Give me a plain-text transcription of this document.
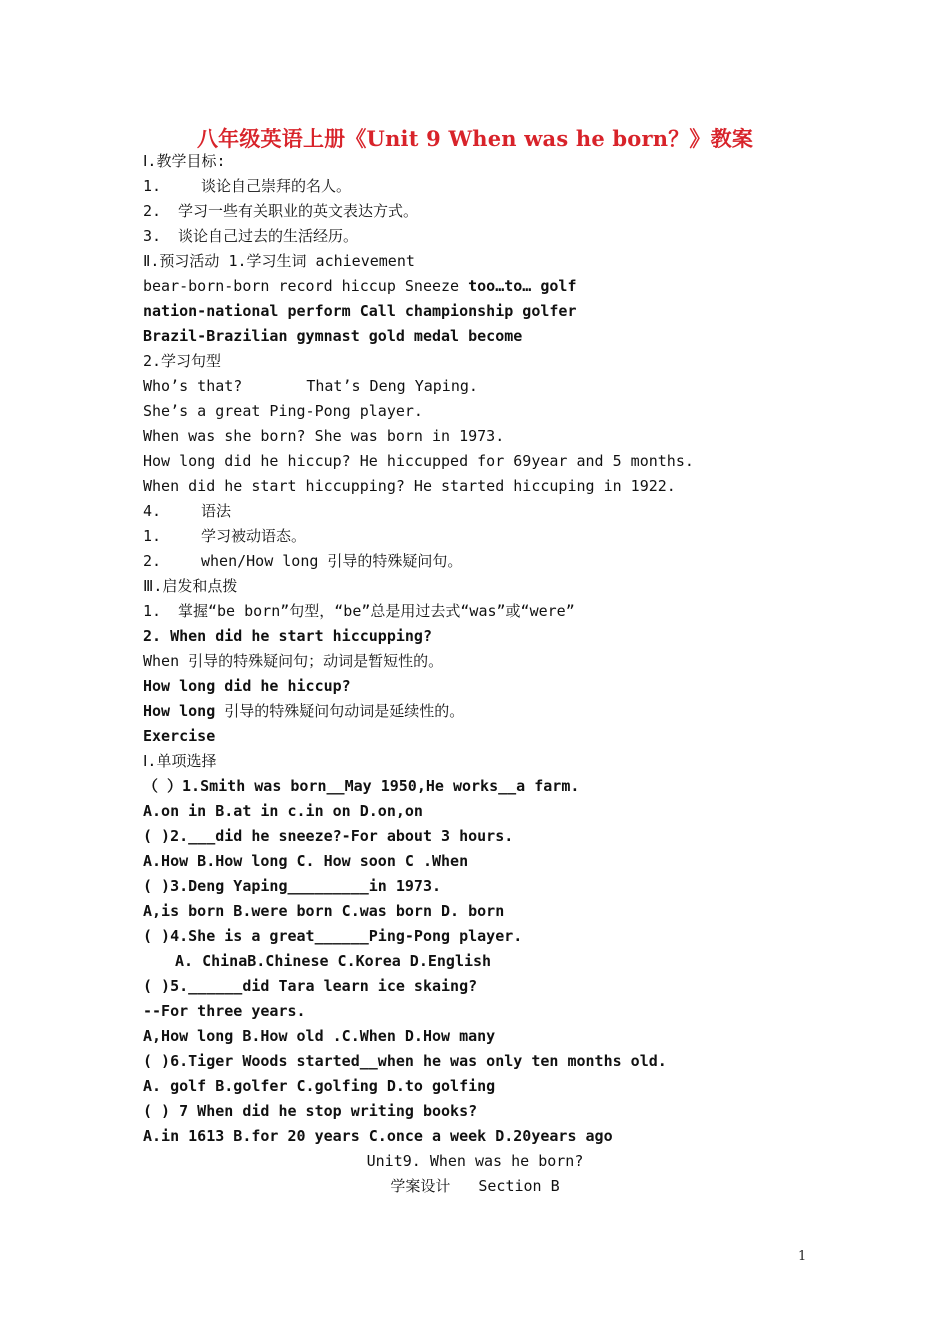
八年级英语上册《Unit 9 When was he born？》教案
Ⅰ.教学目标:
1.	谈论自己崇拜的名人。
2. 学习一些有关职业的英文表达方式。
3. 谈论自己过去的生活经历。
Ⅱ.预习活动 1.学习生词 achievement
bear-born-born record hiccup Sneeze too…to… golf
nation-national perform Call championship golfer
Brazil-Brazilian gymnast gold medal become
2.学习句型
Who’s that?	That’s Deng Yaping.
She’s a great Ping-Pong player.
When was she born? She was born in 1973.
How long did he hiccup? He hiccupped for 69year and 5 months.
When did he start hiccupping? He started hiccuping in 1922.
4.	语法
1.	学习被动语态。
2.	when/How long 引导的特殊疑问句。
Ⅲ.启发和点拨
1. 掌握“be born”句型，“be”总是用过去式“was”或“were”
2. When did he start hiccupping?
When 引导的特殊疑问句；动词是暂短性的。
How long did he hiccup?
How long 引导的特殊疑问句动词是延续性的。
Exercise
Ⅰ.单项选择
（ ）1.Smith was born__May 1950,He works__a farm.
A.on in B.at in c.in on D.on,on
( )2.___did he sneeze?-For about 3 hours.
A.How B.How long C. How soon C .When
( )3.Deng Yaping_________in 1973.
A,is born B.were born C.was born D. born
( )4.She is a great______Ping-Pong player.
A. ChinaB.Chinese C.Korea D.English
( )5.______did Tara learn ice skaing?
--For three years.
A,How long B.How old .C.When D.How many
( )6.Tiger Woods started__when he was only ten months old.
A. golf B.golfer C.golfing D.to golfing
( ) 7 When did he stop writing books?
A.in 1613 B.for 20 years C.once a week D.20years ago
Unit9. When was he born?
学案设计 Section B
1
